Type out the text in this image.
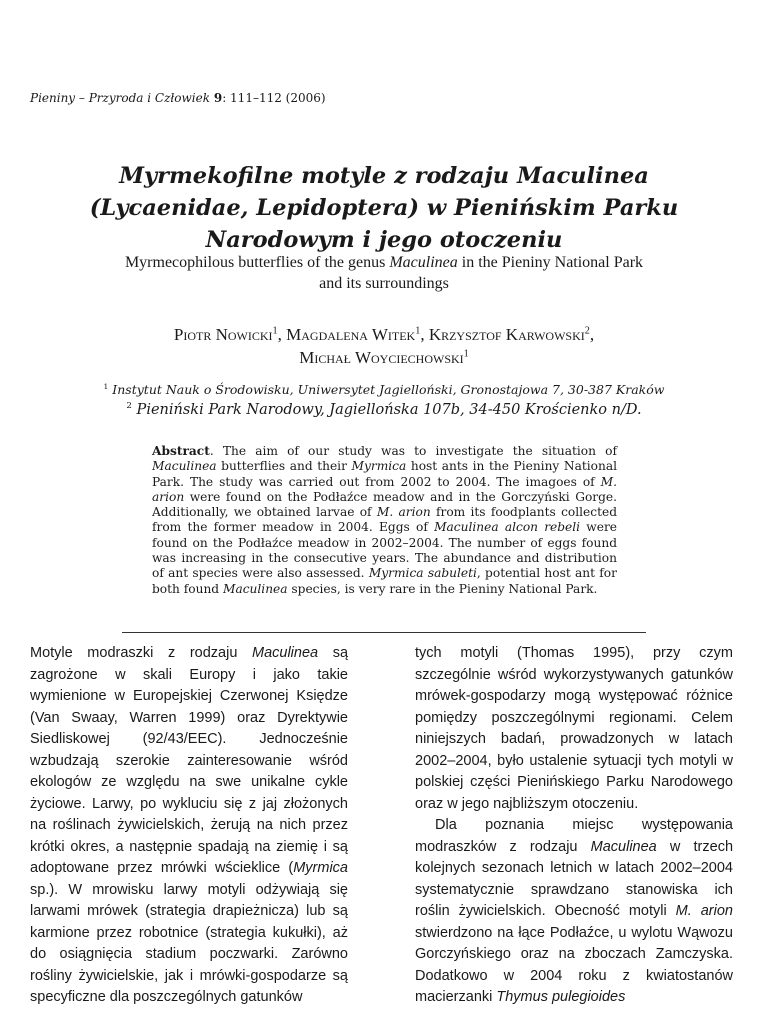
Pieniny – Przyroda i Człowiek 9: 111–112 (2006)
Myrmekofilne motyle z rodzaju Maculinea
(Lycaenidae, Lepidoptera) w Pienińskim Parku
Narodowym i jego otoczeniu
Myrmecophilous butterflies of the genus Maculinea in the Pieniny National Park
and its surroundings
Piotr Nowicki$^1$, Magdalena Witek$^1$, Krzysztof Karwowski$^2$,
Michał Woyciechowski$^1$
$^1$ Instytut Nauk o Środowisku, Uniwersytet Jagielloński, Gronostajowa 7, 30-387 Kraków
$^2$ Pieniński Park Narodowy, Jagiellońska 107b, 34-450 Krościenko n/D.
Abstract. The aim of our study was to investigate the situation of Maculinea butterflies and their Myrmica host ants in the Pieniny National Park. The study was carried out from 2002 to 2004. The imagoes of M. arion were found on the Podłaźce meadow and in the Gorczyński Gorge. Additionally, we obtained larvae of M. arion from its foodplants collected from the former meadow in 2004. Eggs of Maculinea alcon rebeli were found on the Podłaźce meadow in 2002–2004. The number of eggs found was increasing in the consecutive years. The abundance and distribution of ant species were also assessed. Myrmica sabuleti, potential host ant for both found Maculinea species, is very rare in the Pieniny National Park.

Motyle modraszki z rodzaju Maculinea są zagrożone w skali Europy i jako takie wymienione w Europejskiej Czerwonej Księdze (Van Swaay, Warren 1999) oraz Dyrektywie Siedliskowej (92/43/EEC). Jednocześnie wzbudzają szerokie zainteresowanie wśród ekologów ze względu na swe unikalne cykle życiowe. Larwy, po wykluciu się z jaj złożonych na roślinach żywicielskich, żerują na nich przez krótki okres, a następnie spadają na ziemię i są adoptowane przez mrówki wścieklice (Myrmica sp.). W mrowisku larwy motyli odżywiają się larwami mrówek (strategia drapieżnicza) lub są karmione przez robotnice (strategia kukułki), aż do osiągnięcia stadium poczwarki. Zarówno rośliny żywicielskie, jak i mrówki-gospodarze są specyficzne dla poszczególnych gatunków

tych motyli (Thomas 1995), przy czym szczególnie wśród wykorzystywanych gatunków mrówek-gospodarzy mogą występować różnice pomiędzy poszczególnymi regionami. Celem niniejszych badań, prowadzonych w latach 2002–2004, było ustalenie sytuacji tych motyli w polskiej części Pienińskiego Parku Narodowego oraz w jego najbliższym otoczeniu.

Dla poznania miejsc występowania modraszków z rodzaju Maculinea w trzech kolejnych sezonach letnich w latach 2002–2004 systematycznie sprawdzano stanowiska ich roślin żywicielskich. Obecność motyli M. arion stwierdzono na łące Podłaźce, u wylotu Wąwozu Gorczyńskiego oraz na zboczach Zamczyska. Dodatkowo w 2004 roku z kwiatostanów macierzanki Thymus pulegioides
